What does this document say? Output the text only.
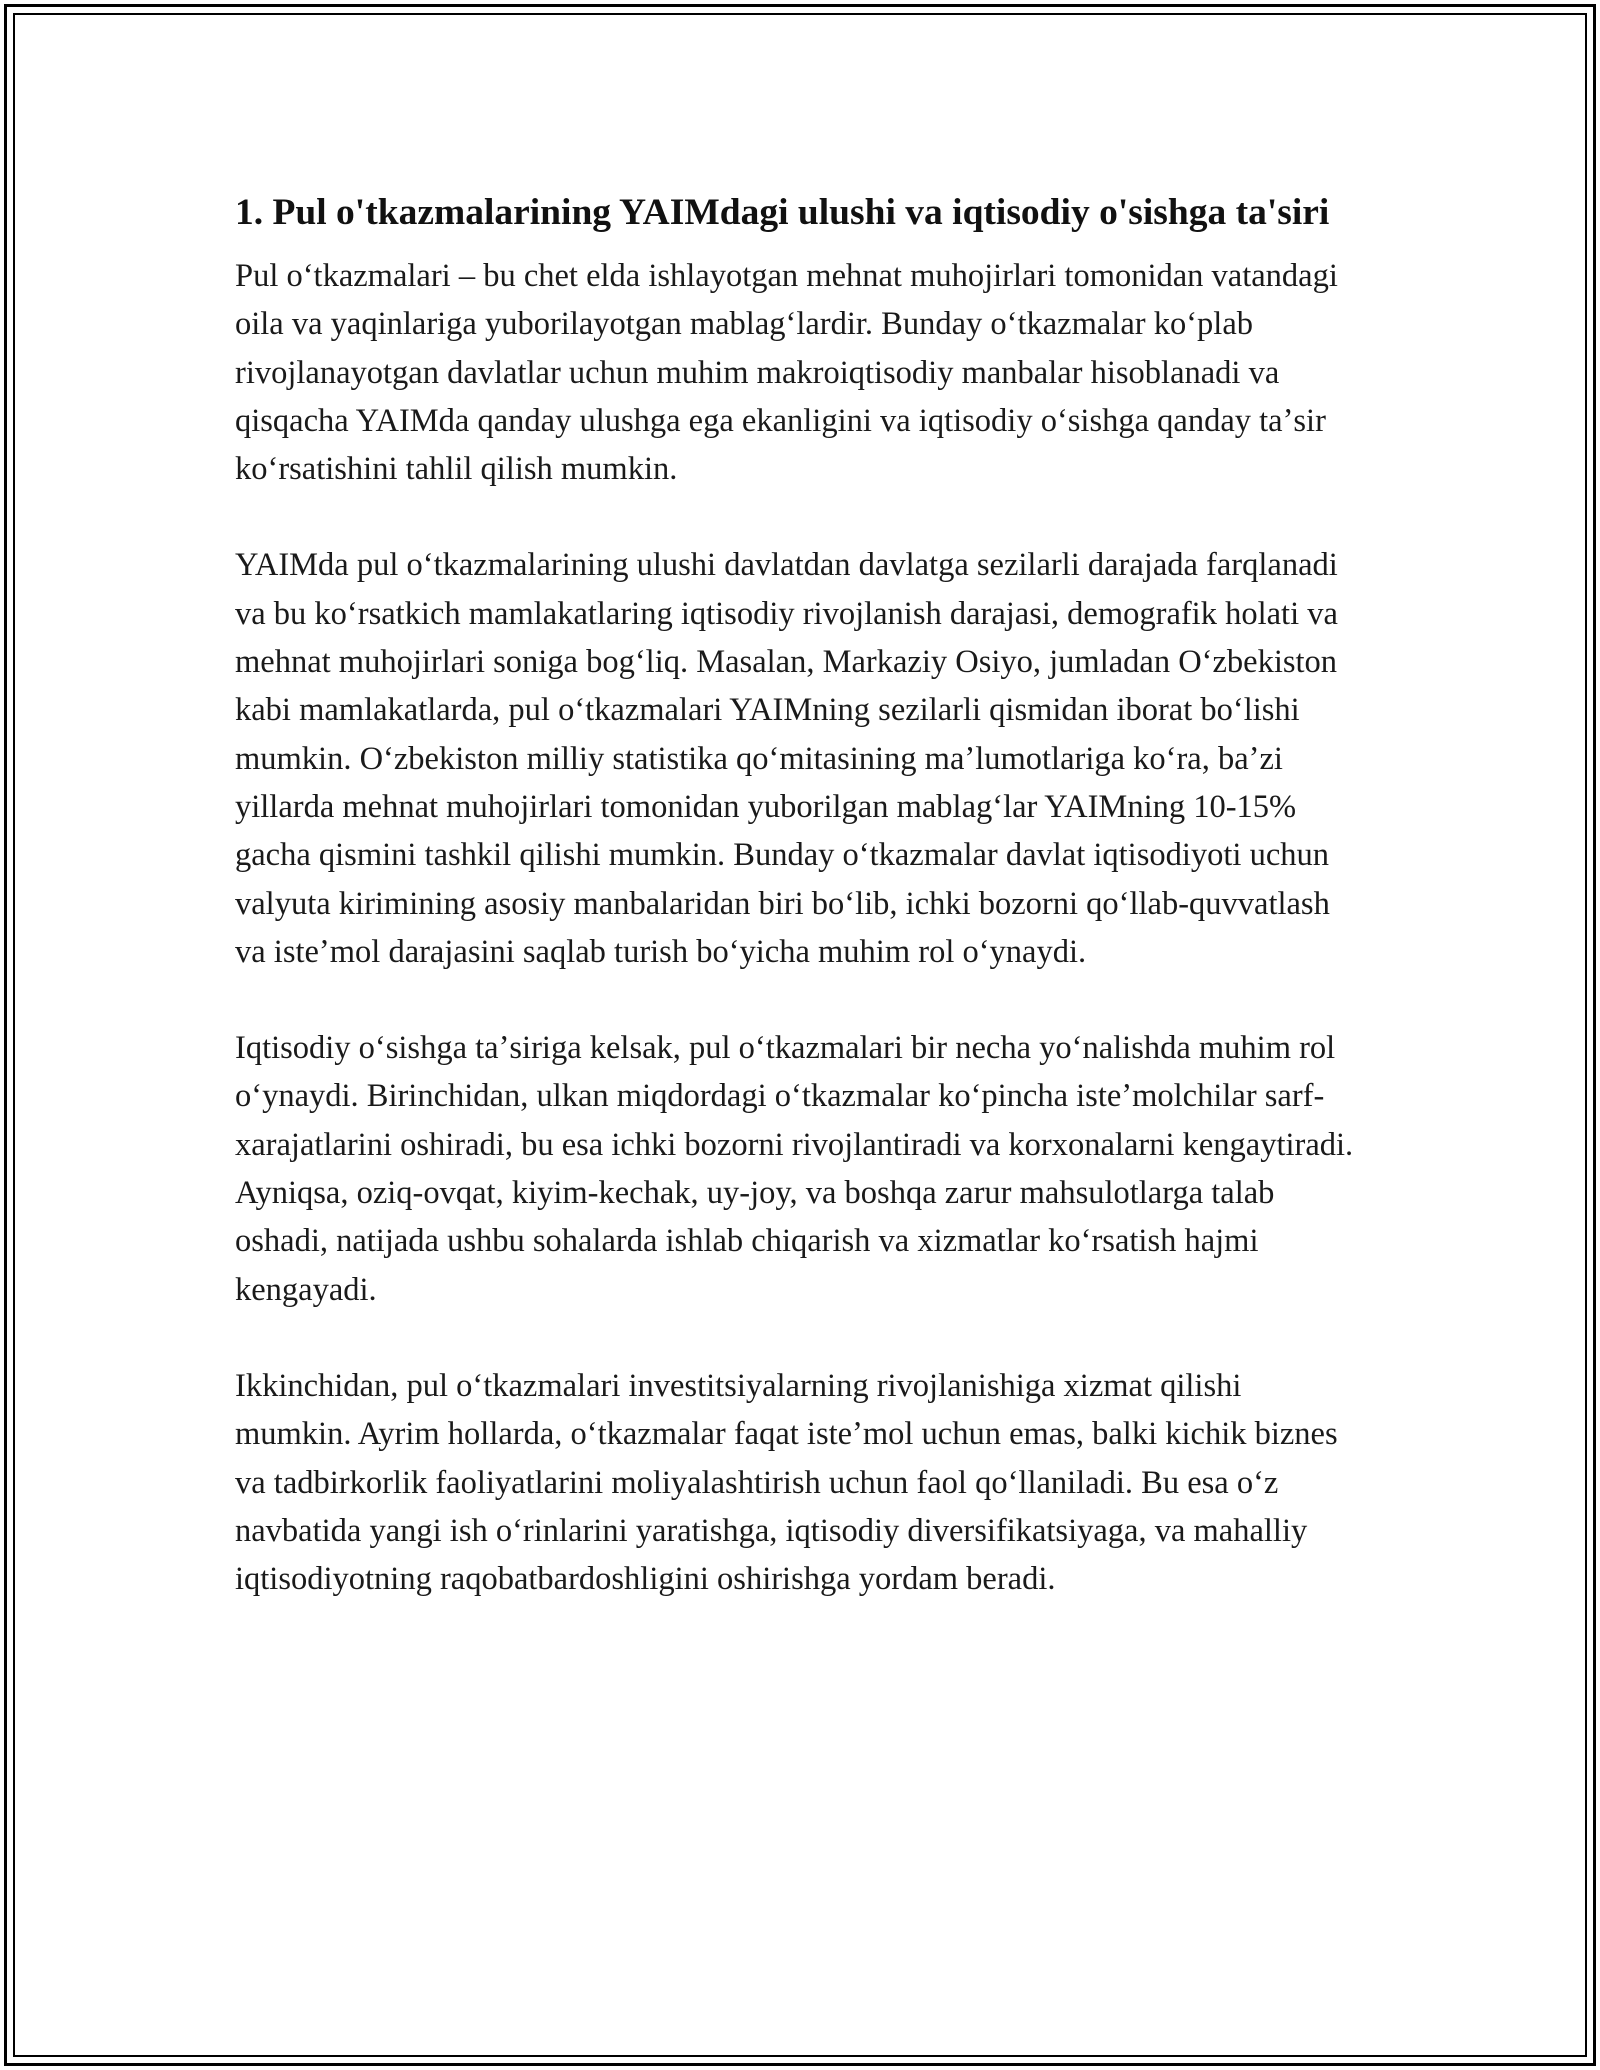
1. Pul o'tkazmalarining YAIMdagi ulushi va iqtisodiy o'sishga ta'siri

Pul oʻtkazmalari – bu chet elda ishlayotgan mehnat muhojirlari tomonidan vatandagi oila va yaqinlariga yuborilayotgan mablagʻlardir. Bunday oʻtkazmalar koʻplab rivojlanayotgan davlatlar uchun muhim makroiqtisodiy manbalar hisoblanadi va qisqacha YAIMda qanday ulushga ega ekanligini va iqtisodiy oʻsishga qanday taʼsir koʻrsatishini tahlil qilish mumkin.

YAIMda pul oʻtkazmalarining ulushi davlatdan davlatga sezilarli darajada farqlanadi va bu koʻrsatkich mamlakatlaring iqtisodiy rivojlanish darajasi, demografik holati va mehnat muhojirlari soniga bogʻliq. Masalan, Markaziy Osiyo, jumladan Oʻzbekiston kabi mamlakatlarda, pul oʻtkazmalari YAIMning sezilarli qismidan iborat boʻlishi mumkin. Oʻzbekiston milliy statistika qoʻmitasining maʼlumotlariga koʻra, baʼzi yillarda mehnat muhojirlari tomonidan yuborilgan mablagʻlar YAIMning 10-15% gacha qismini tashkil qilishi mumkin. Bunday oʻtkazmalar davlat iqtisodiyoti uchun valyuta kirimining asosiy manbalaridan biri boʻlib, ichki bozorni qoʻllab-quvvatlash va isteʼmol darajasini saqlab turish boʻyicha muhim rol oʻynaydi.

Iqtisodiy oʻsishga taʼsiriga kelsak, pul oʻtkazmalari bir necha yoʻnalishda muhim rol oʻynaydi. Birinchidan, ulkan miqdordagi oʻtkazmalar koʻpincha isteʼmolchilar sarf-xarajatlarini oshiradi, bu esa ichki bozorni rivojlantiradi va korxonalarni kengaytiradi. Ayniqsa, oziq-ovqat, kiyim-kechak, uy-joy, va boshqa zarur mahsulotlarga talab oshadi, natijada ushbu sohalarda ishlab chiqarish va xizmatlar koʻrsatish hajmi kengayadi.

Ikkinchidan, pul oʻtkazmalari investitsiyalarning rivojlanishiga xizmat qilishi mumkin. Ayrim hollarda, oʻtkazmalar faqat isteʼmol uchun emas, balki kichik biznes va tadbirkorlik faoliyatlarini moliyalashtirish uchun faol qoʻllaniladi. Bu esa oʻz navbatida yangi ish oʻrinlarini yaratishga, iqtisodiy diversifikatsiyaga, va mahalliy iqtisodiyotning raqobatbardoshligini oshirishga yordam beradi.
